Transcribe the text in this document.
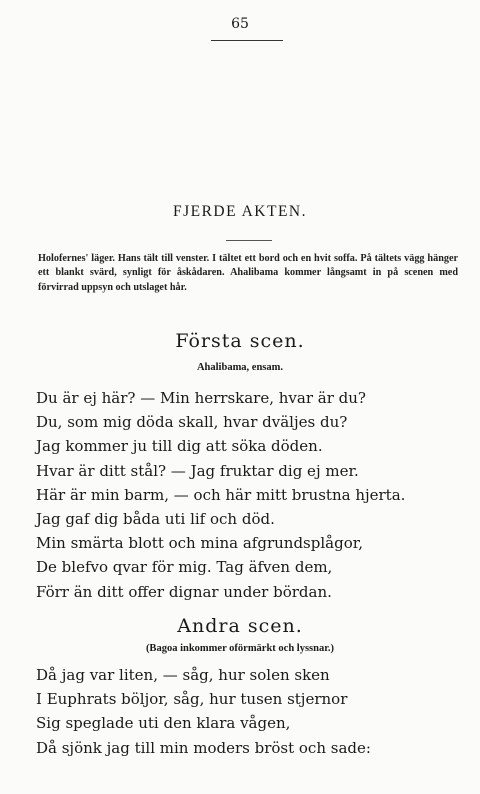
65
FJERDE AKTEN.
Holofernes' läger. Hans tält till venster. I tältet ett bord och en hvit soffa. På tältets vägg hänger ett blankt svärd, synligt för åskådaren. Ahalibama kommer långsamt in på scenen med förvirrad uppsyn och utslaget hår.
Första scen.
Ahalibama, ensam.
Du är ej här? — Min herrskare, hvar är du?
Du, som mig döda skall, hvar dväljes du?
Jag kommer ju till dig att söka döden.
Hvar är ditt stål? — Jag fruktar dig ej mer.
Här är min barm, — och här mitt brustna hjerta.
Jag gaf dig båda uti lif och död.
Min smärta blott och mina afgrundsplågor,
De blefvo qvar för mig. Tag äfven dem,
Förr än ditt offer dignar under bördan.
Andra scen.
(Bagoa inkommer oförmärkt och lyssnar.)
Då jag var liten, — såg, hur solen sken
I Euphrats böljor, såg, hur tusen stjernor
Sig speglade uti den klara vågen,
Då sjönk jag till min moders bröst och sade:
